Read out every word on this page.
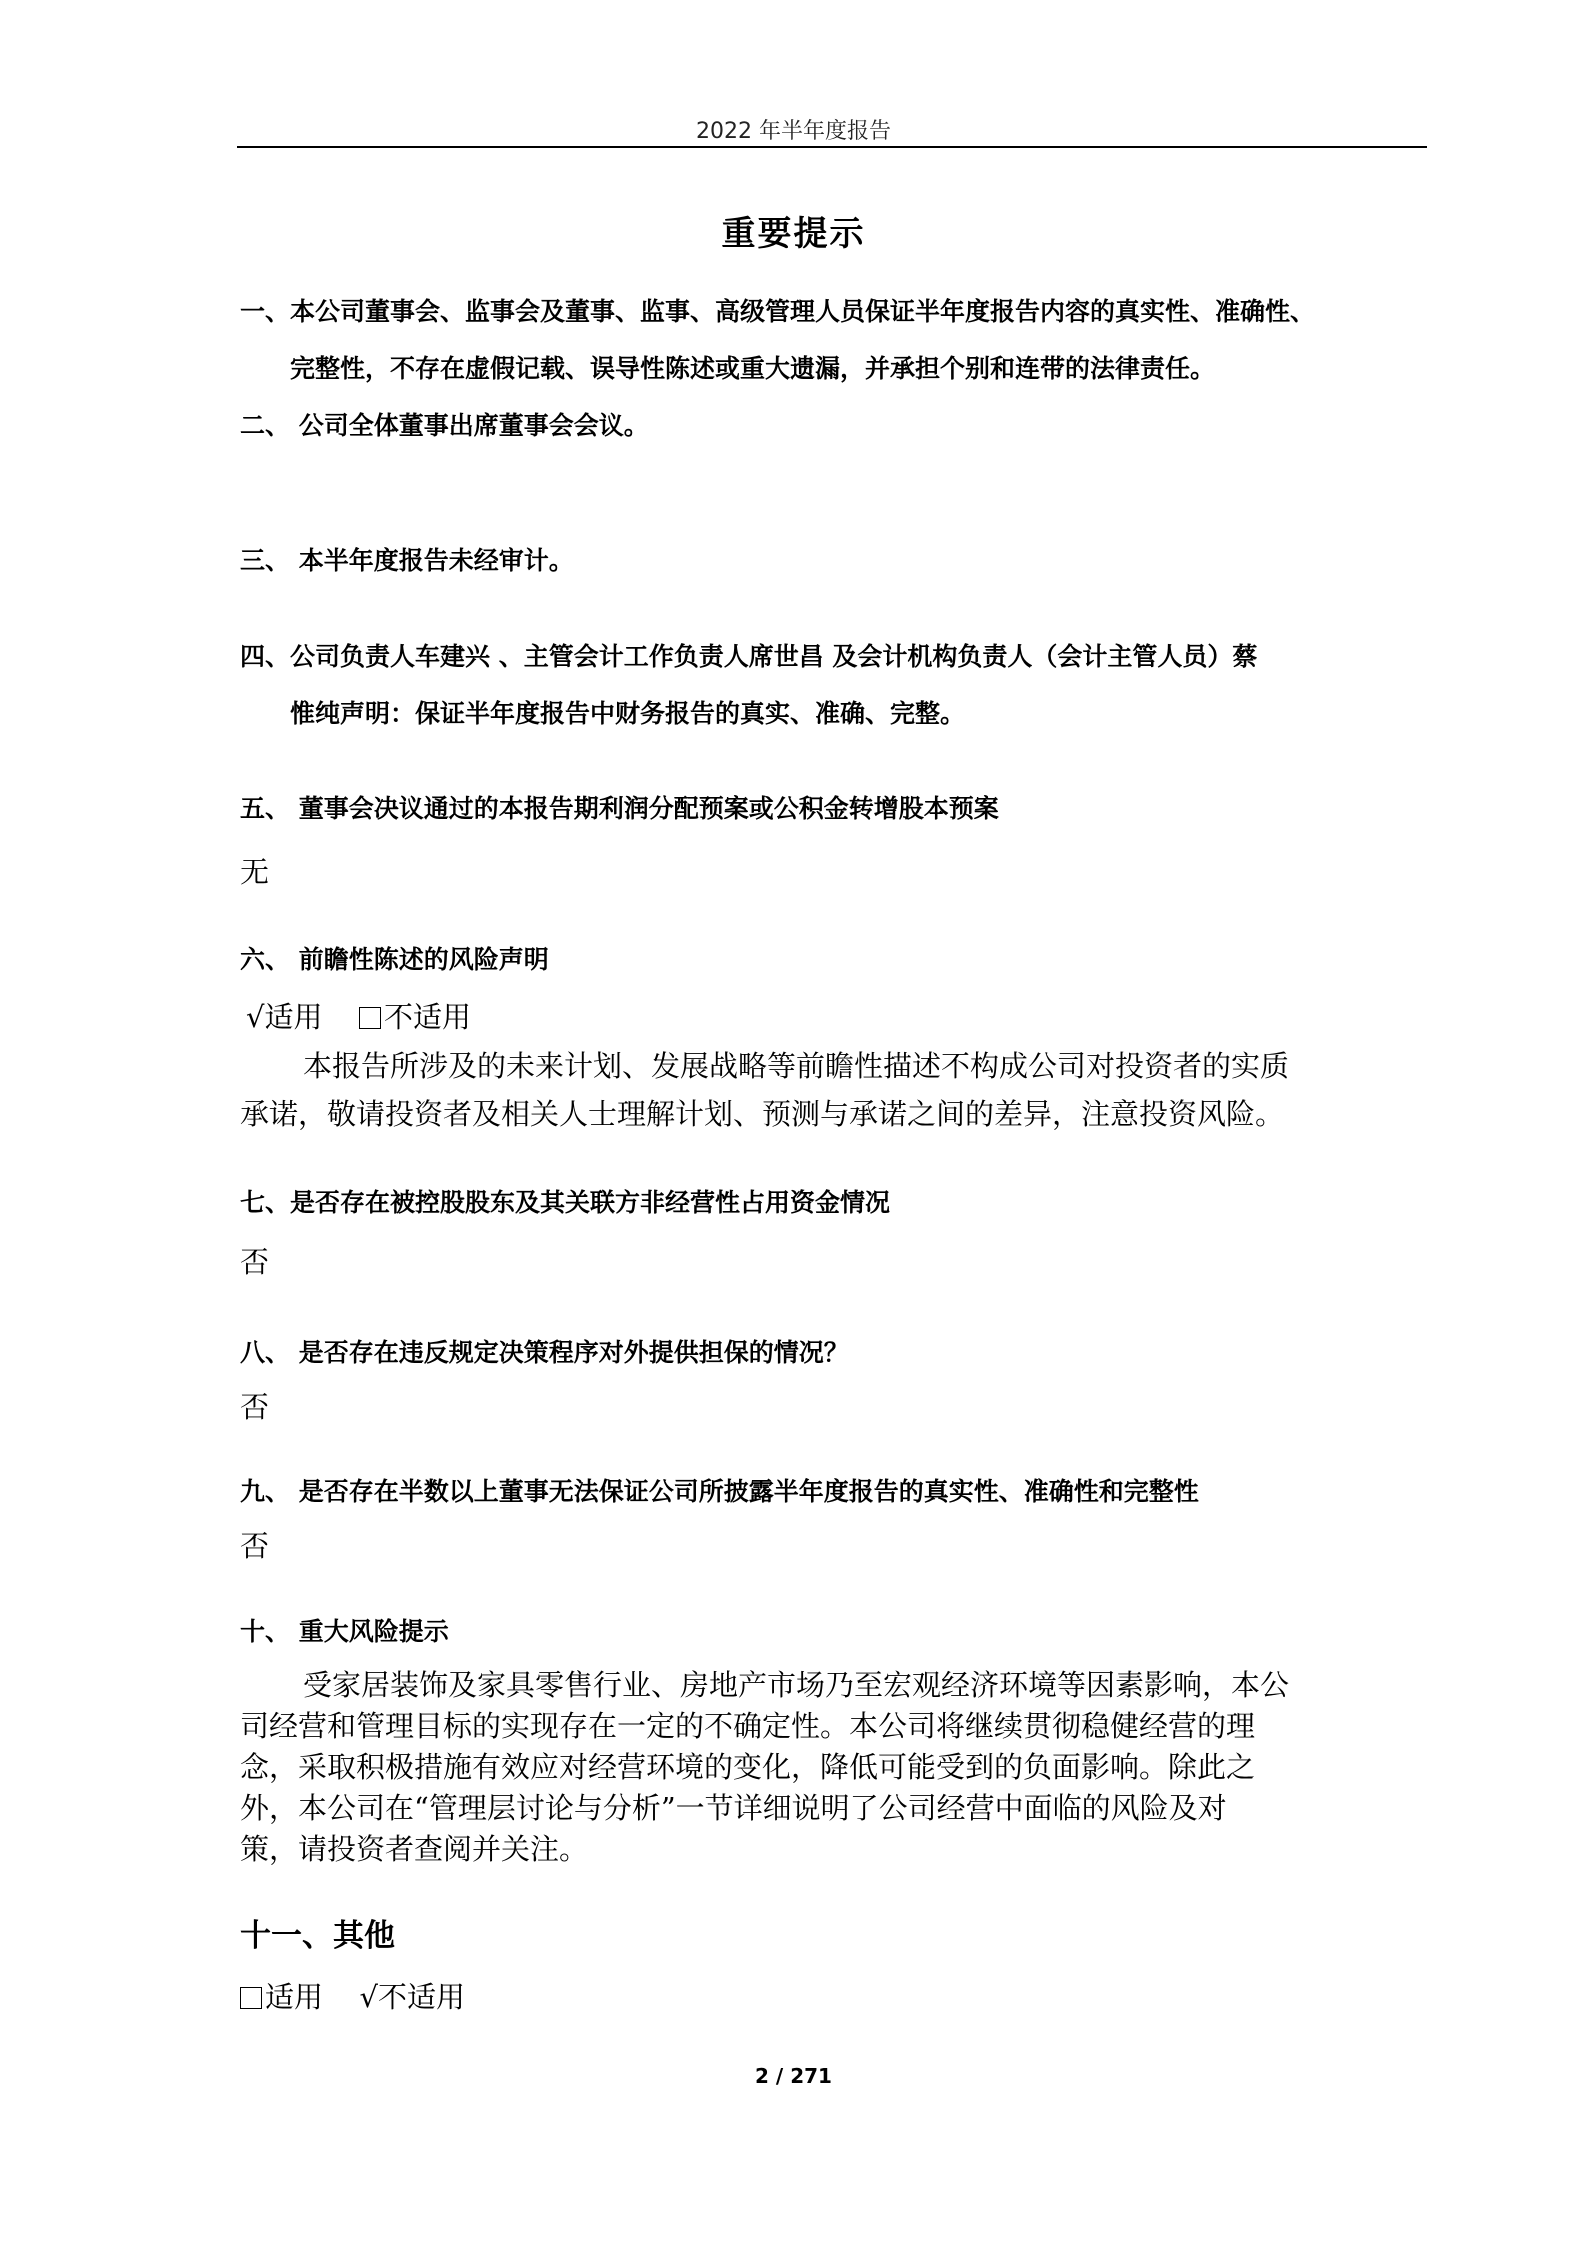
2022 年半年度报告
重要提示
一、本公司董事会、监事会及董事、监事、高级管理人员保证半年度报告内容的真实性、准确性、
完整性，不存在虚假记载、误导性陈述或重大遗漏，并承担个别和连带的法律责任。
二、 公司全体董事出席董事会会议。
三、 本半年度报告未经审计。
四、公司负责人车建兴 、主管会计工作负责人席世昌 及会计机构负责人（会计主管人员）蔡
惟纯声明：保证半年度报告中财务报告的真实、准确、完整。
五、 董事会决议通过的本报告期利润分配预案或公积金转增股本预案
无
六、 前瞻性陈述的风险声明
√适用 不适用
本报告所涉及的未来计划、发展战略等前瞻性描述不构成公司对投资者的实质
承诺，敬请投资者及相关人士理解计划、预测与承诺之间的差异，注意投资风险。
七、是否存在被控股股东及其关联方非经营性占用资金情况
否
八、 是否存在违反规定决策程序对外提供担保的情况？
否
九、 是否存在半数以上董事无法保证公司所披露半年度报告的真实性、准确性和完整性
否
十、 重大风险提示
受家居装饰及家具零售行业、房地产市场乃至宏观经济环境等因素影响，本公
司经营和管理目标的实现存在一定的不确定性。本公司将继续贯彻稳健经营的理
念，采取积极措施有效应对经营环境的变化，降低可能受到的负面影响。除此之
外，本公司在“管理层讨论与分析”一节详细说明了公司经营中面临的风险及对
策，请投资者查阅并关注。
十一、其他
适用 √不适用
2 / 271
